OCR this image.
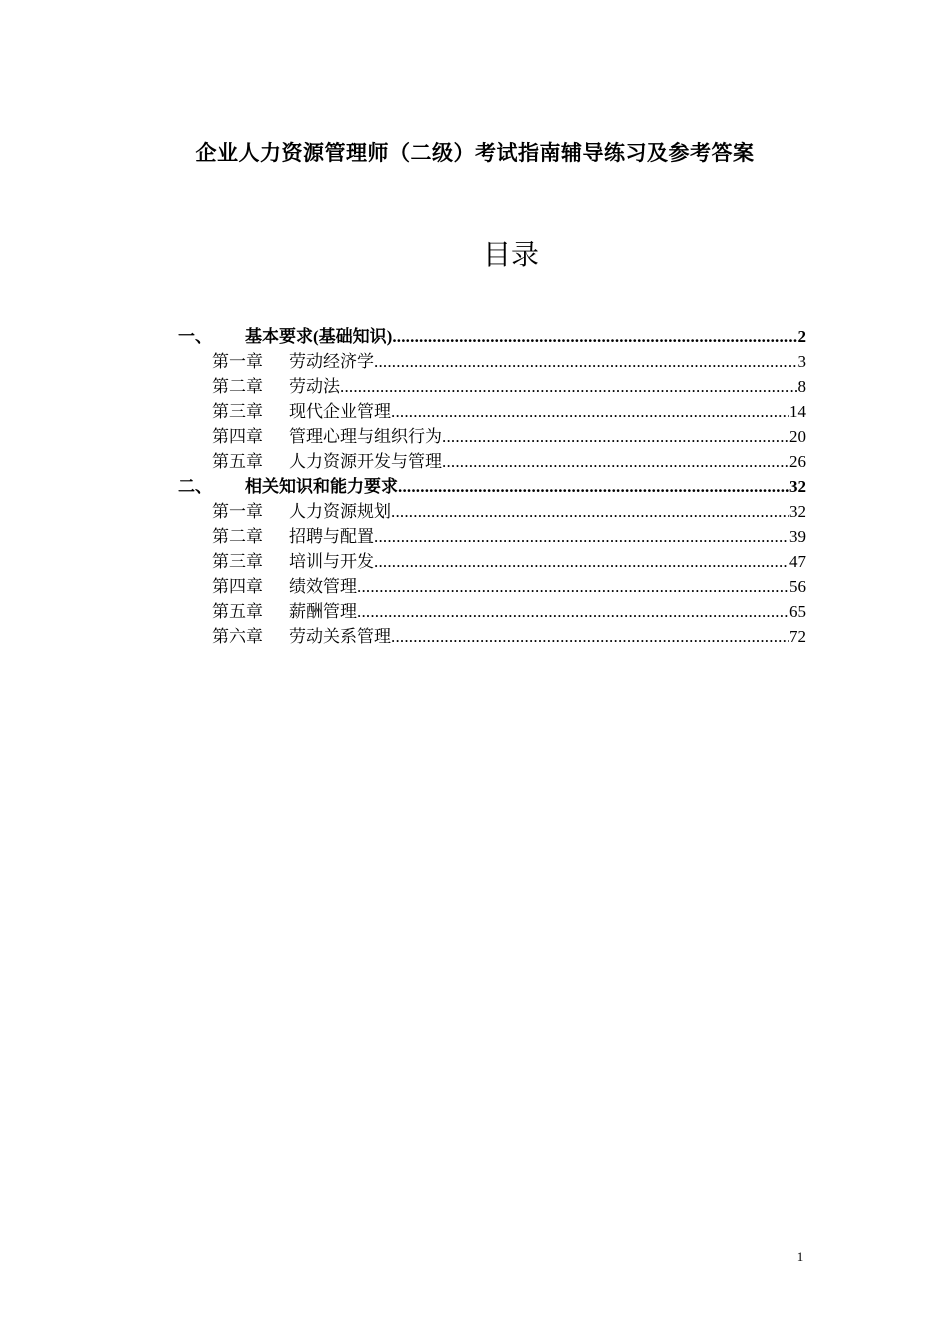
企业人力资源管理师（二级）考试指南辅导练习及参考答案
目录
一、	基本要求(基础知识) .....	2
第一章	劳动经济学 .....	3
第二章	劳动法 .....	8
第三章	现代企业管理 .....	14
第四章	管理心理与组织行为 .....	20
第五章	人力资源开发与管理 .....	26
二、	相关知识和能力要求 .....	32
第一章	人力资源规划 .....	32
第二章	招聘与配置 .....	39
第三章	培训与开发 .....	47
第四章	绩效管理 .....	56
第五章	薪酬管理 .....	65
第六章	劳动关系管理 .....	72
1
